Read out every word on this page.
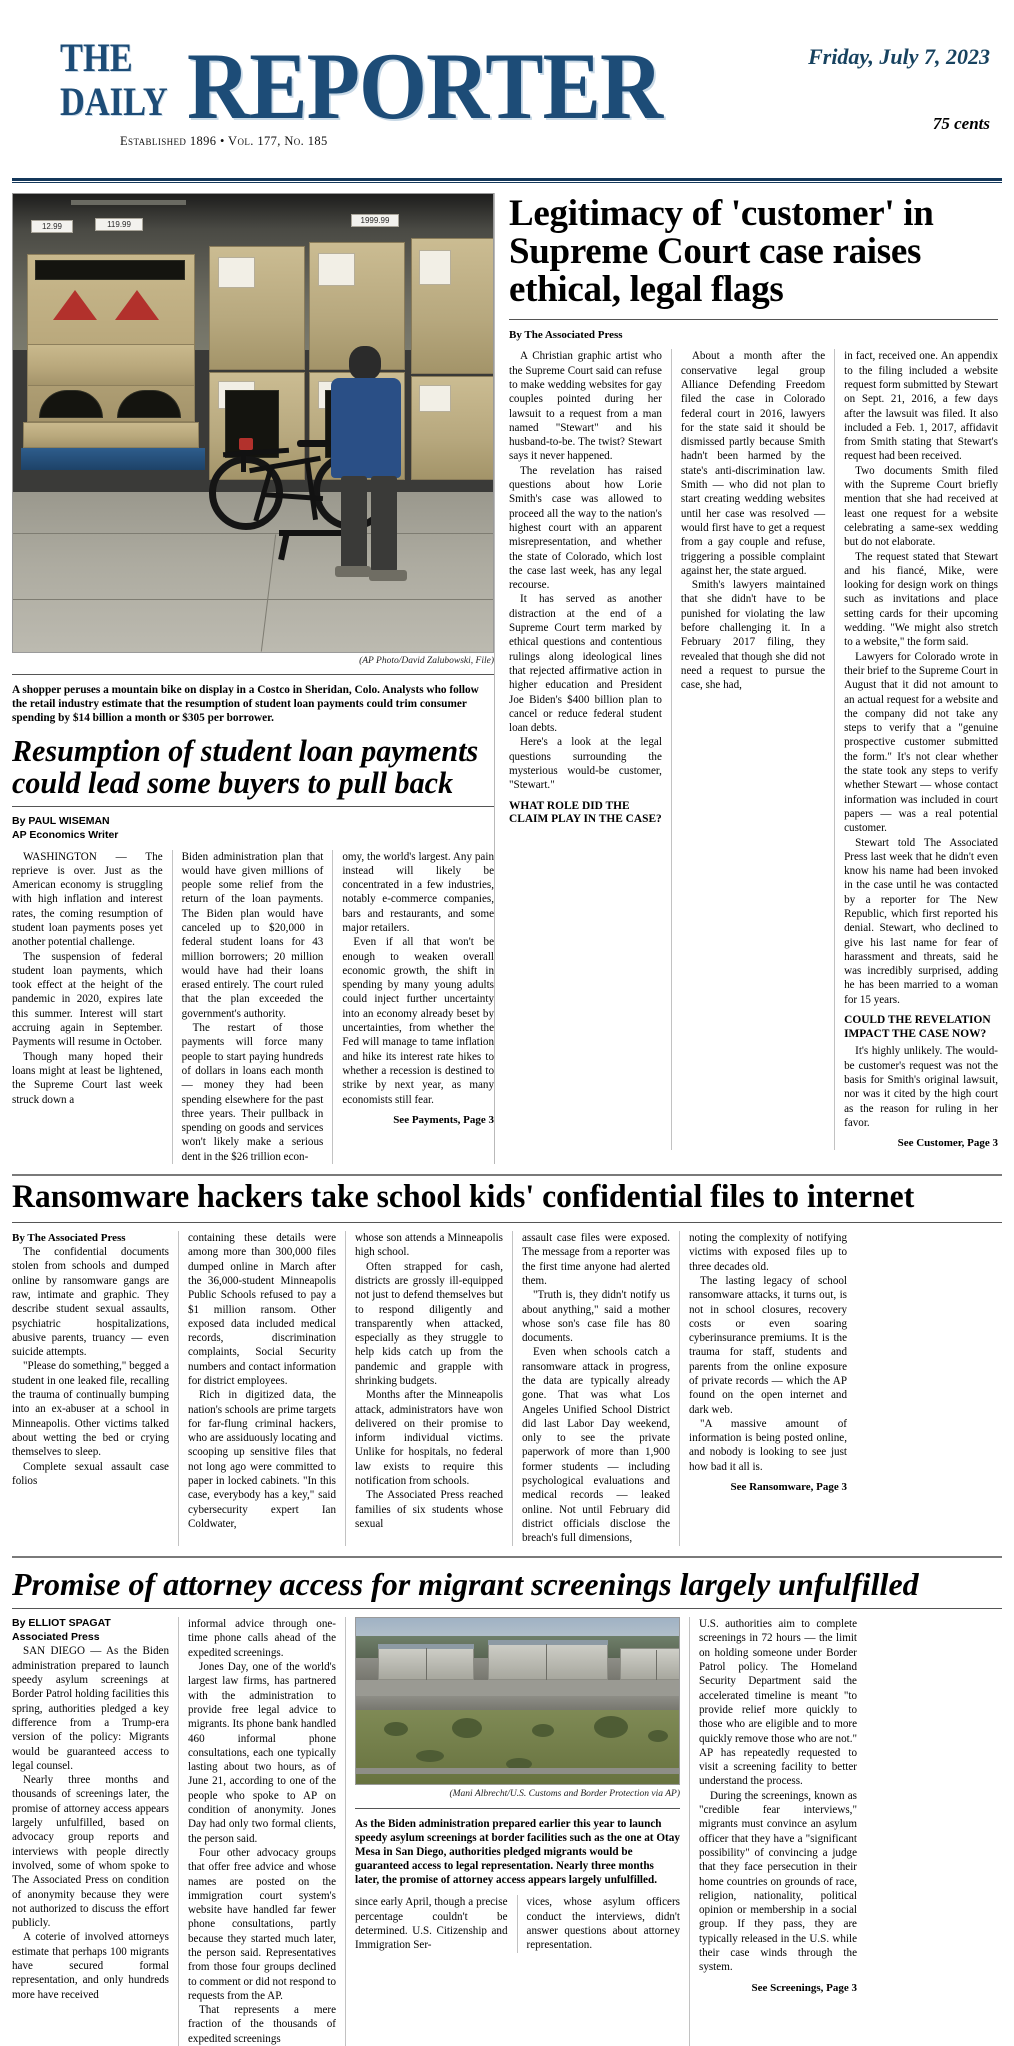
THE
DAILY REPORTER
Established 1896 • Vol. 177, No. 185
Friday, July 7, 2023
75 cents
12.99	119.99	1999.99
(AP Photo/David Zalubowski, File)
A shopper peruses a mountain bike on display in a Costco in Sheridan, Colo. Analysts who follow the retail industry estimate that the resumption of student loan payments could trim consumer spending by $14 billion a month or $305 per borrower.
Resumption of student loan payments could lead some buyers to pull back
By PAUL WISEMAN
AP Economics Writer

WASHINGTON — The reprieve is over. Just as the American economy is struggling with high inflation and interest rates, the coming resumption of student loan payments poses yet another potential challenge.

The suspension of federal student loan payments, which took effect at the height of the pandemic in 2020, expires late this summer. Interest will start accruing again in September. Payments will resume in October.

Though many hoped their loans might at least be lightened, the Supreme Court last week struck down a

Biden administration plan that would have given millions of people some relief from the return of the loan payments. The Biden plan would have canceled up to $20,000 in federal student loans for 43 million borrowers; 20 million would have had their loans erased entirely. The court ruled that the plan exceeded the government's authority.

The restart of those payments will force many people to start paying hundreds of dollars in loans each month — money they had been spending elsewhere for the past three years. Their pullback in spending on goods and services won't likely make a serious dent in the $26 trillion econ-

omy, the world's largest. Any pain instead will likely be concentrated in a few industries, notably e-commerce companies, bars and restaurants, and some major retailers.

Even if all that won't be enough to weaken overall economic growth, the shift in spending by many young adults could inject further uncertainty into an economy already beset by uncertainties, from whether the Fed will manage to tame inflation and hike its interest rate hikes to whether a recession is destined to strike by next year, as many economists still fear.

See Payments, Page 3

Legitimacy of 'customer' in Supreme Court case raises ethical, legal flags
By The Associated Press

A Christian graphic artist who the Supreme Court said can refuse to make wedding websites for gay couples pointed during her lawsuit to a request from a man named "Stewart" and his husband-to-be. The twist? Stewart says it never happened.

The revelation has raised questions about how Lorie Smith's case was allowed to proceed all the way to the nation's highest court with an apparent misrepresentation, and whether the state of Colorado, which lost the case last week, has any legal recourse.

It has served as another distraction at the end of a Supreme Court term marked by ethical questions and contentious rulings along ideological lines that rejected affirmative action in higher education and President Joe Biden's $400 billion plan to cancel or reduce federal student loan debts.

Here's a look at the legal questions surrounding the mysterious would-be customer, "Stewart."

WHAT ROLE DID THE CLAIM PLAY IN THE CASE?

About a month after the conservative legal group Alliance Defending Freedom filed the case in Colorado federal court in 2016, lawyers for the state said it should be dismissed partly because Smith hadn't been harmed by the state's anti-discrimination law. Smith — who did not plan to start creating wedding websites until her case was resolved — would first have to get a request from a gay couple and refuse, triggering a possible complaint against her, the state argued.

Smith's lawyers maintained that she didn't have to be punished for violating the law before challenging it. In a February 2017 filing, they revealed that though she did not need a request to pursue the case, she had,

in fact, received one. An appendix to the filing included a website request form submitted by Stewart on Sept. 21, 2016, a few days after the lawsuit was filed. It also included a Feb. 1, 2017, affidavit from Smith stating that Stewart's request had been received.

Two documents Smith filed with the Supreme Court briefly mention that she had received at least one request for a website celebrating a same-sex wedding but do not elaborate.

The request stated that Stewart and his fiancé, Mike, were looking for design work on things such as invitations and place setting cards for their upcoming wedding. "We might also stretch to a website," the form said.

Lawyers for Colorado wrote in their brief to the Supreme Court in August that it did not amount to an actual request for a website and the company did not take any steps to verify that a "genuine prospective customer submitted the form." It's not clear whether the state took any steps to verify whether Stewart — whose contact information was included in court papers — was a real potential customer.

Stewart told The Associated Press last week that he didn't even know his name had been invoked in the case until he was contacted by a reporter for The New Republic, which first reported his denial. Stewart, who declined to give his last name for fear of harassment and threats, said he was incredibly surprised, adding he has been married to a woman for 15 years.

COULD THE REVELATION IMPACT THE CASE NOW?

It's highly unlikely. The would-be customer's request was not the basis for Smith's original lawsuit, nor was it cited by the high court as the reason for ruling in her favor.

See Customer, Page 3

Ransomware hackers take school kids' confidential files to internet

By The Associated Press

The confidential documents stolen from schools and dumped online by ransomware gangs are raw, intimate and graphic. They describe student sexual assaults, psychiatric hospitalizations, abusive parents, truancy — even suicide attempts.

"Please do something," begged a student in one leaked file, recalling the trauma of continually bumping into an ex-abuser at a school in Minneapolis. Other victims talked about wetting the bed or crying themselves to sleep.

Complete sexual assault case folios

containing these details were among more than 300,000 files dumped online in March after the 36,000-student Minneapolis Public Schools refused to pay a $1 million ransom. Other exposed data included medical records, discrimination complaints, Social Security numbers and contact information for district employees.

Rich in digitized data, the nation's schools are prime targets for far-flung criminal hackers, who are assiduously locating and scooping up sensitive files that not long ago were committed to paper in locked cabinets. "In this case, everybody has a key," said cybersecurity expert Ian Coldwater,

whose son attends a Minneapolis high school.

Often strapped for cash, districts are grossly ill-equipped not just to defend themselves but to respond diligently and transparently when attacked, especially as they struggle to help kids catch up from the pandemic and grapple with shrinking budgets.

Months after the Minneapolis attack, administrators have won delivered on their promise to inform individual victims. Unlike for hospitals, no federal law exists to require this notification from schools.

The Associated Press reached families of six students whose sexual

assault case files were exposed. The message from a reporter was the first time anyone had alerted them.

"Truth is, they didn't notify us about anything," said a mother whose son's case file has 80 documents.

Even when schools catch a ransomware attack in progress, the data are typically already gone. That was what Los Angeles Unified School District did last Labor Day weekend, only to see the private paperwork of more than 1,900 former students — including psychological evaluations and medical records — leaked online. Not until February did district officials disclose the breach's full dimensions,

noting the complexity of notifying victims with exposed files up to three decades old.

The lasting legacy of school ransomware attacks, it turns out, is not in school closures, recovery costs or even soaring cyberinsurance premiums. It is the trauma for staff, students and parents from the online exposure of private records — which the AP found on the open internet and dark web.

"A massive amount of information is being posted online, and nobody is looking to see just how bad it all is.

See Ransomware, Page 3

Promise of attorney access for migrant screenings largely unfulfilled

By ELLIOT SPAGAT
Associated Press

SAN DIEGO — As the Biden administration prepared to launch speedy asylum screenings at Border Patrol holding facilities this spring, authorities pledged a key difference from a Trump-era version of the policy: Migrants would be guaranteed access to legal counsel.

Nearly three months and thousands of screenings later, the promise of attorney access appears largely unfulfilled, based on advocacy group reports and interviews with people directly involved, some of whom spoke to The Associated Press on condition of anonymity because they were not authorized to discuss the effort publicly.

A coterie of involved attorneys estimate that perhaps 100 migrants have secured formal representation, and only hundreds more have received

informal advice through one-time phone calls ahead of the expedited screenings.

Jones Day, one of the world's largest law firms, has partnered with the administration to provide free legal advice to migrants. Its phone bank handled 460 informal phone consultations, each one typically lasting about two hours, as of June 21, according to one of the people who spoke to AP on condition of anonymity. Jones Day had only two formal clients, the person said.

Four other advocacy groups that offer free advice and whose names are posted on the immigration court system's website have handled far fewer phone consultations, partly because they started much later, the person said. Representatives from those four groups declined to comment or did not respond to requests from the AP.

That represents a mere fraction of the thousands of expedited screenings

(Mani Albrecht/U.S. Customs and Border Protection via AP)
As the Biden administration prepared earlier this year to launch speedy asylum screenings at border facilities such as the one at Otay Mesa in San Diego, authorities pledged migrants would be guaranteed access to legal representation. Nearly three months later, the promise of attorney access appears largely unfulfilled.

since early April, though a precise percentage couldn't be determined. U.S. Citizenship and Immigration Ser-

vices, whose asylum officers conduct the interviews, didn't answer questions about attorney representation.

U.S. authorities aim to complete screenings in 72 hours — the limit on holding someone under Border Patrol policy. The Homeland Security Department said the accelerated timeline is meant "to provide relief more quickly to those who are eligible and to more quickly remove those who are not." AP has repeatedly requested to visit a screening facility to better understand the process.

During the screenings, known as "credible fear interviews," migrants must convince an asylum officer that they have a "significant possibility" of convincing a judge that they face persecution in their home countries on grounds of race, religion, nationality, political opinion or membership in a social group. If they pass, they are typically released in the U.S. while their case winds through the system.

See Screenings, Page 3
